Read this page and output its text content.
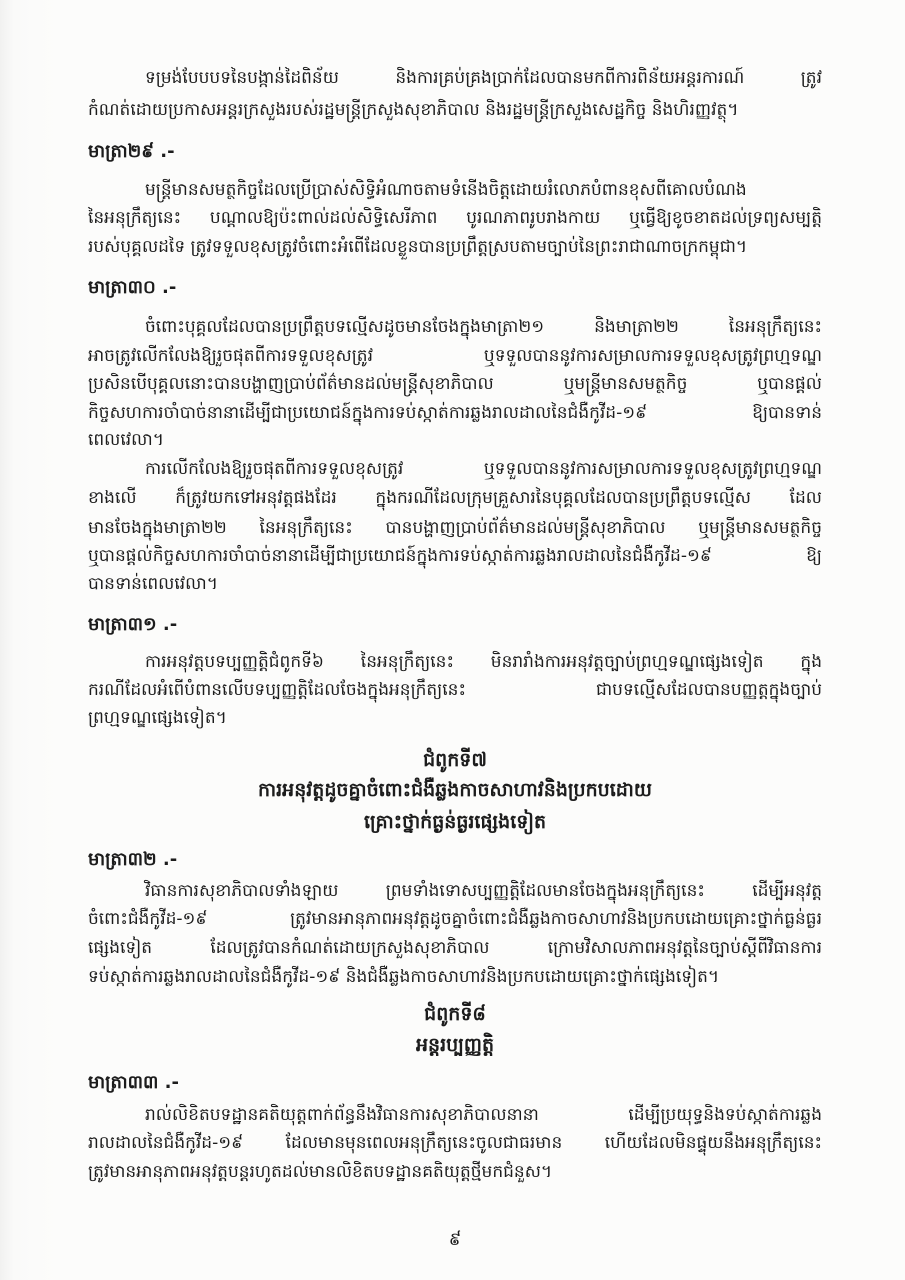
ទម្រង់បែបបទនៃបង្កាន់ដៃពិន័យ និងការគ្រប់គ្រងប្រាក់ដែលបានមកពីការពិន័យអន្តរការណ៍ ត្រូវ
កំណត់ដោយប្រកាសអន្តរក្រសួងរបស់រដ្ឋមន្ត្រីក្រសួងសុខាភិបាល និងរដ្ឋមន្ត្រីក្រសួងសេដ្ឋកិច្ច និងហិរញ្ញវត្ថុ។
មាត្រា២៩ .-
មន្ត្រីមានសមត្ថកិច្ចដែលប្រើប្រាស់សិទ្ធិអំណាចតាមទំនើងចិត្តដោយរំលោភបំពានខុសពីគោលបំណង
នៃអនុក្រឹត្យនេះ បណ្តាលឱ្យប៉ះពាល់ដល់សិទ្ធិសេរីភាព បូរណភាពរូបរាងកាយ ឬធ្វើឱ្យខូចខាតដល់ទ្រព្យសម្បត្តិ
របស់បុគ្គលដទៃ ត្រូវទទួលខុសត្រូវចំពោះអំពើដែលខ្លួនបានប្រព្រឹត្តស្របតាមច្បាប់នៃព្រះរាជាណាចក្រកម្ពុជា។
មាត្រា៣០ .-
ចំពោះបុគ្គលដែលបានប្រព្រឹត្តបទល្មើសដូចមានចែងក្នុងមាត្រា២១ និងមាត្រា២២ នៃអនុក្រឹត្យនេះ
អាចត្រូវលើកលែងឱ្យរួចផុតពីការទទួលខុសត្រូវ ឬទទួលបាននូវការសម្រាលការទទួលខុសត្រូវព្រហ្មទណ្ឌ
ប្រសិនបើបុគ្គលនោះបានបង្ហាញប្រាប់ព័ត៌មានដល់មន្ត្រីសុខាភិបាល ឬមន្ត្រីមានសមត្ថកិច្ច ឬបានផ្តល់
កិច្ចសហការចាំបាច់នានាដើម្បីជាប្រយោជន៍ក្នុងការទប់ស្កាត់ការឆ្លងរាលដាលនៃជំងឺកូវីដ-១៩ ឱ្យបានទាន់
ពេលវេលា។
ការលើកលែងឱ្យរួចផុតពីការទទួលខុសត្រូវ ឬទទួលបាននូវការសម្រាលការទទួលខុសត្រូវព្រហ្មទណ្ឌ
ខាងលើ ក៏ត្រូវយកទៅអនុវត្តផងដែរ ក្នុងករណីដែលក្រុមគ្រួសារនៃបុគ្គលដែលបានប្រព្រឹត្តបទល្មើស ដែល
មានចែងក្នុងមាត្រា២២ នៃអនុក្រឹត្យនេះ បានបង្ហាញប្រាប់ព័ត៌មានដល់មន្ត្រីសុខាភិបាល ឬមន្ត្រីមានសមត្ថកិច្ច
ឬបានផ្តល់កិច្ចសហការចាំបាច់នានាដើម្បីជាប្រយោជន៍ក្នុងការទប់ស្កាត់ការឆ្លងរាលដាលនៃជំងឺកូវីដ-១៩ ឱ្យ
បានទាន់ពេលវេលា។
មាត្រា៣១ .-
ការអនុវត្តបទប្បញ្ញត្តិជំពូកទី៦ នៃអនុក្រឹត្យនេះ មិនរារាំងការអនុវត្តច្បាប់ព្រហ្មទណ្ឌផ្សេងទៀត ក្នុង
ករណីដែលអំពើបំពានលើបទប្បញ្ញត្តិដែលចែងក្នុងអនុក្រឹត្យនេះ ជាបទល្មើសដែលបានបញ្ញត្តក្នុងច្បាប់
ព្រហ្មទណ្ឌផ្សេងទៀត។
ជំពូកទី៧
ការអនុវត្តដូចគ្នាចំពោះជំងឺឆ្លងកាចសាហាវនិងប្រកបដោយ
គ្រោះថ្នាក់ធ្ងន់ធ្ងរផ្សេងទៀត
មាត្រា៣២ .-
វិធានការសុខាភិបាលទាំងឡាយ ព្រមទាំងទោសប្បញ្ញត្តិដែលមានចែងក្នុងអនុក្រឹត្យនេះ ដើម្បីអនុវត្ត
ចំពោះជំងឺកូវីដ-១៩ ត្រូវមានអានុភាពអនុវត្តដូចគ្នាចំពោះជំងឺឆ្លងកាចសាហាវនិងប្រកបដោយគ្រោះថ្នាក់ធ្ងន់ធ្ងរ
ផ្សេងទៀត ដែលត្រូវបានកំណត់ដោយក្រសួងសុខាភិបាល ក្រោមវិសាលភាពអនុវត្តនៃច្បាប់ស្តីពីវិធានការ
ទប់ស្កាត់ការឆ្លងរាលដាលនៃជំងឺកូវីដ-១៩ និងជំងឺឆ្លងកាចសាហាវនិងប្រកបដោយគ្រោះថ្នាក់ផ្សេងទៀត។
ជំពូកទី៨
អន្តរប្បញ្ញត្តិ
មាត្រា៣៣ .-
រាល់លិខិតបទដ្ឋានគតិយុត្តពាក់ព័ន្ធនឹងវិធានការសុខាភិបាលនានា ដើម្បីប្រយុទ្ធនិងទប់ស្កាត់ការឆ្លង
រាលដាលនៃជំងឺកូវីដ-១៩ ដែលមានមុនពេលអនុក្រឹត្យនេះចូលជាធរមាន ហើយដែលមិនផ្ទុយនឹងអនុក្រឹត្យនេះ
ត្រូវមានអានុភាពអនុវត្តបន្តរហូតដល់មានលិខិតបទដ្ឋានគតិយុត្តថ្មីមកជំនួស។
៩
